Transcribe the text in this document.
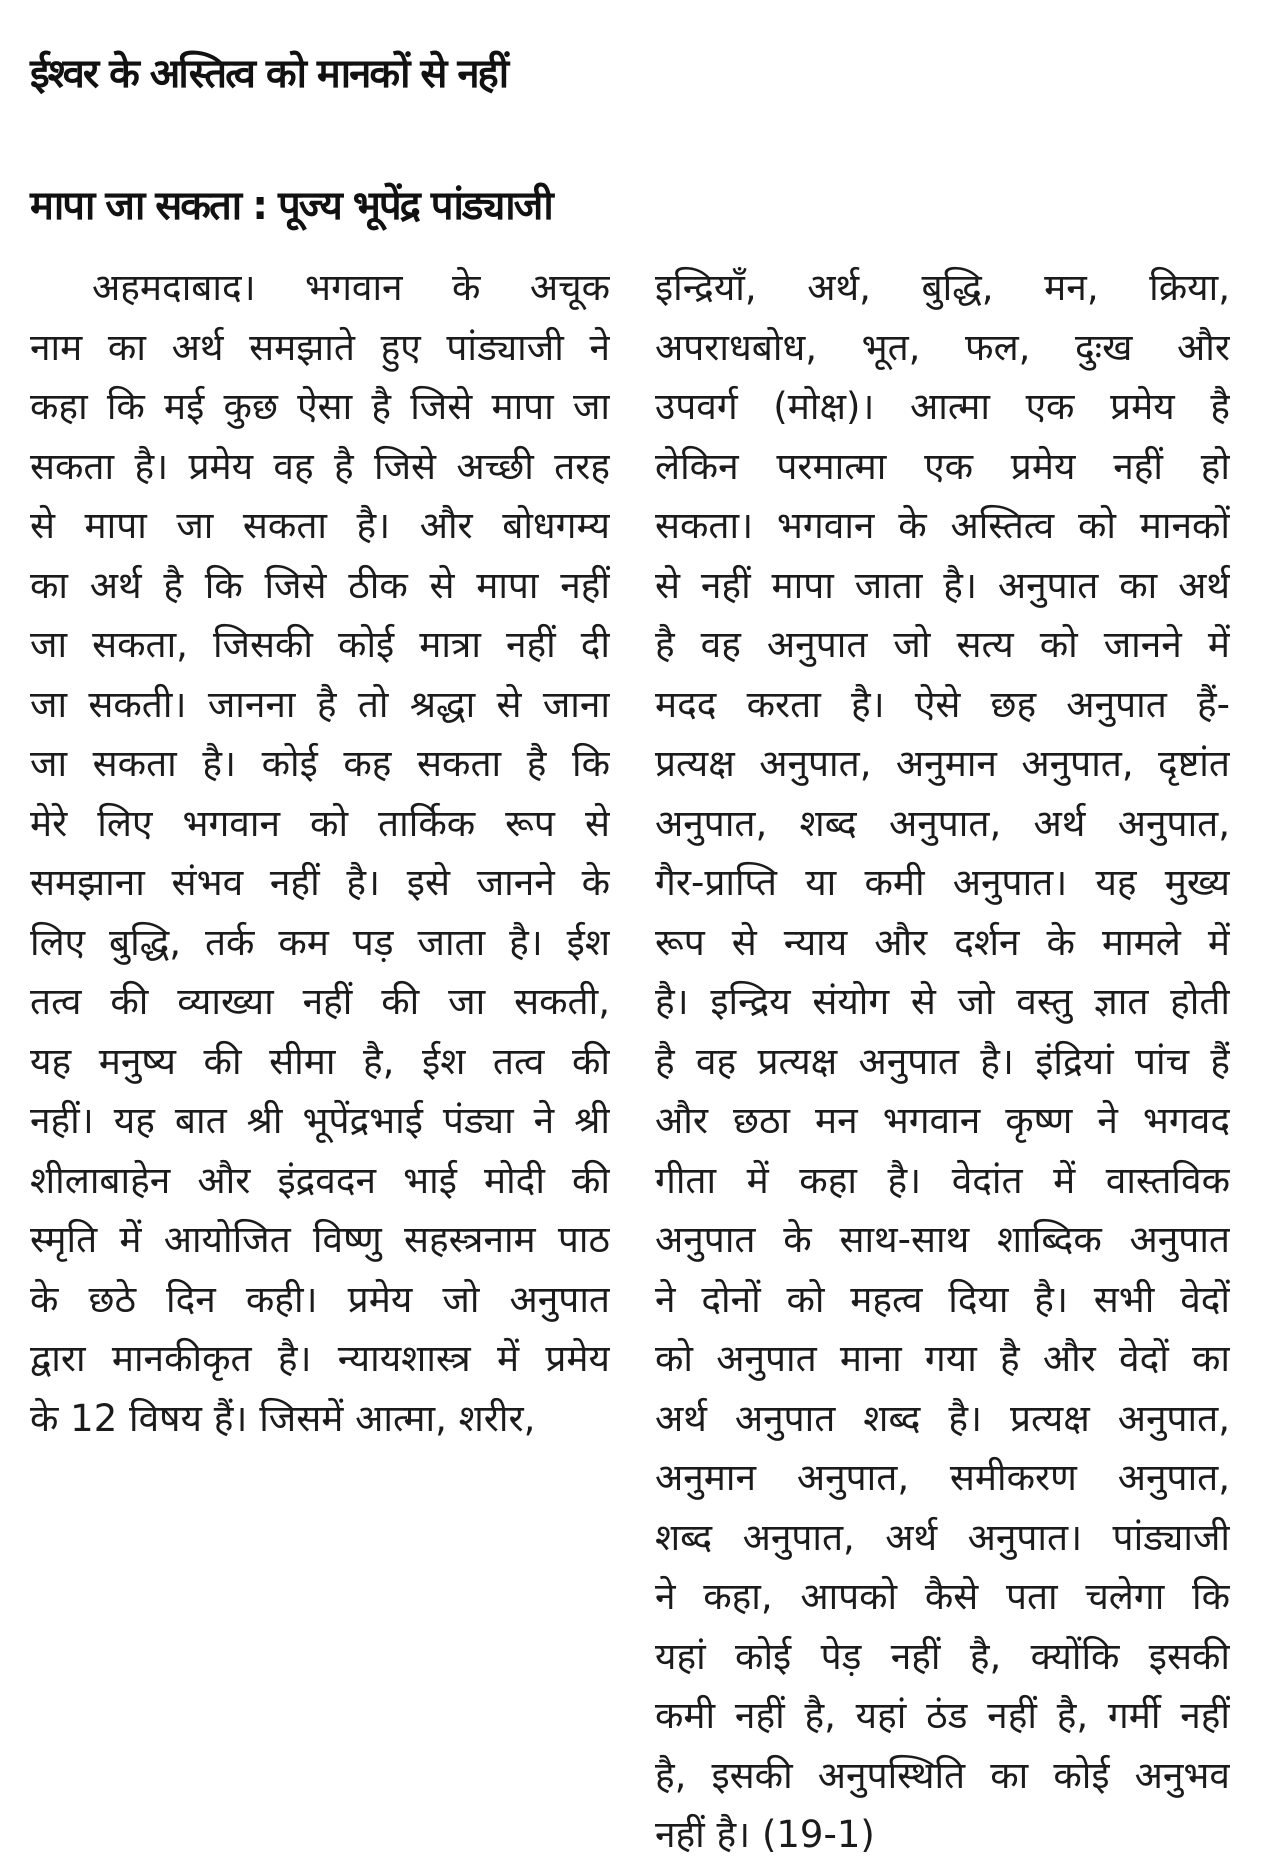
ईश्वर के अस्तित्व को मानकों से नहीं
मापा जा सकता : पूज्य भूपेंद्र पांड्याजी
अहमदाबाद। भगवान के अचूक
नाम का अर्थ समझाते हुए पांड्याजी ने
कहा कि मई कुछ ऐसा है जिसे मापा जा
सकता है। प्रमेय वह है जिसे अच्छी तरह
से मापा जा सकता है। और बोधगम्य
का अर्थ है कि जिसे ठीक से मापा नहीं
जा सकता, जिसकी कोई मात्रा नहीं दी
जा सकती। जानना है तो श्रद्धा से जाना
जा सकता है। कोई कह सकता है कि
मेरे लिए भगवान को तार्किक रूप से
समझाना संभव नहीं है। इसे जानने के
लिए बुद्धि, तर्क कम पड़ जाता है। ईश
तत्व की व्याख्या नहीं की जा सकती,
यह मनुष्य की सीमा है, ईश तत्व की
नहीं। यह बात श्री भूपेंद्रभाई पंड्या ने श्री
शीलाबाहेन और इंद्रवदन भाई मोदी की
स्मृति में आयोजित विष्णु सहस्त्रनाम पाठ
के छठे दिन कही। प्रमेय जो अनुपात
द्वारा मानकीकृत है। न्यायशास्त्र में प्रमेय
के 12 विषय हैं। जिसमें आत्मा, शरीर,
इन्द्रियाँ, अर्थ, बुद्धि, मन, क्रिया,
अपराधबोध, भूत, फल, दुःख और
उपवर्ग (मोक्ष)। आत्मा एक प्रमेय है
लेकिन परमात्मा एक प्रमेय नहीं हो
सकता। भगवान के अस्तित्व को मानकों
से नहीं मापा जाता है। अनुपात का अर्थ
है वह अनुपात जो सत्य को जानने में
मदद करता है। ऐसे छह अनुपात हैं-
प्रत्यक्ष अनुपात, अनुमान अनुपात, दृष्टांत
अनुपात, शब्द अनुपात, अर्थ अनुपात,
गैर-प्राप्ति या कमी अनुपात। यह मुख्य
रूप से न्याय और दर्शन के मामले में
है। इन्द्रिय संयोग से जो वस्तु ज्ञात होती
है वह प्रत्यक्ष अनुपात है। इंद्रियां पांच हैं
और छठा मन भगवान कृष्ण ने भगवद
गीता में कहा है। वेदांत में वास्तविक
अनुपात के साथ-साथ शाब्दिक अनुपात
ने दोनों को महत्व दिया है। सभी वेदों
को अनुपात माना गया है और वेदों का
अर्थ अनुपात शब्द है। प्रत्यक्ष अनुपात,
अनुमान अनुपात, समीकरण अनुपात,
शब्द अनुपात, अर्थ अनुपात। पांड्याजी
ने कहा, आपको कैसे पता चलेगा कि
यहां कोई पेड़ नहीं है, क्योंकि इसकी
कमी नहीं है, यहां ठंड नहीं है, गर्मी नहीं
है, इसकी अनुपस्थिति का कोई अनुभव
नहीं है। (19-1)
